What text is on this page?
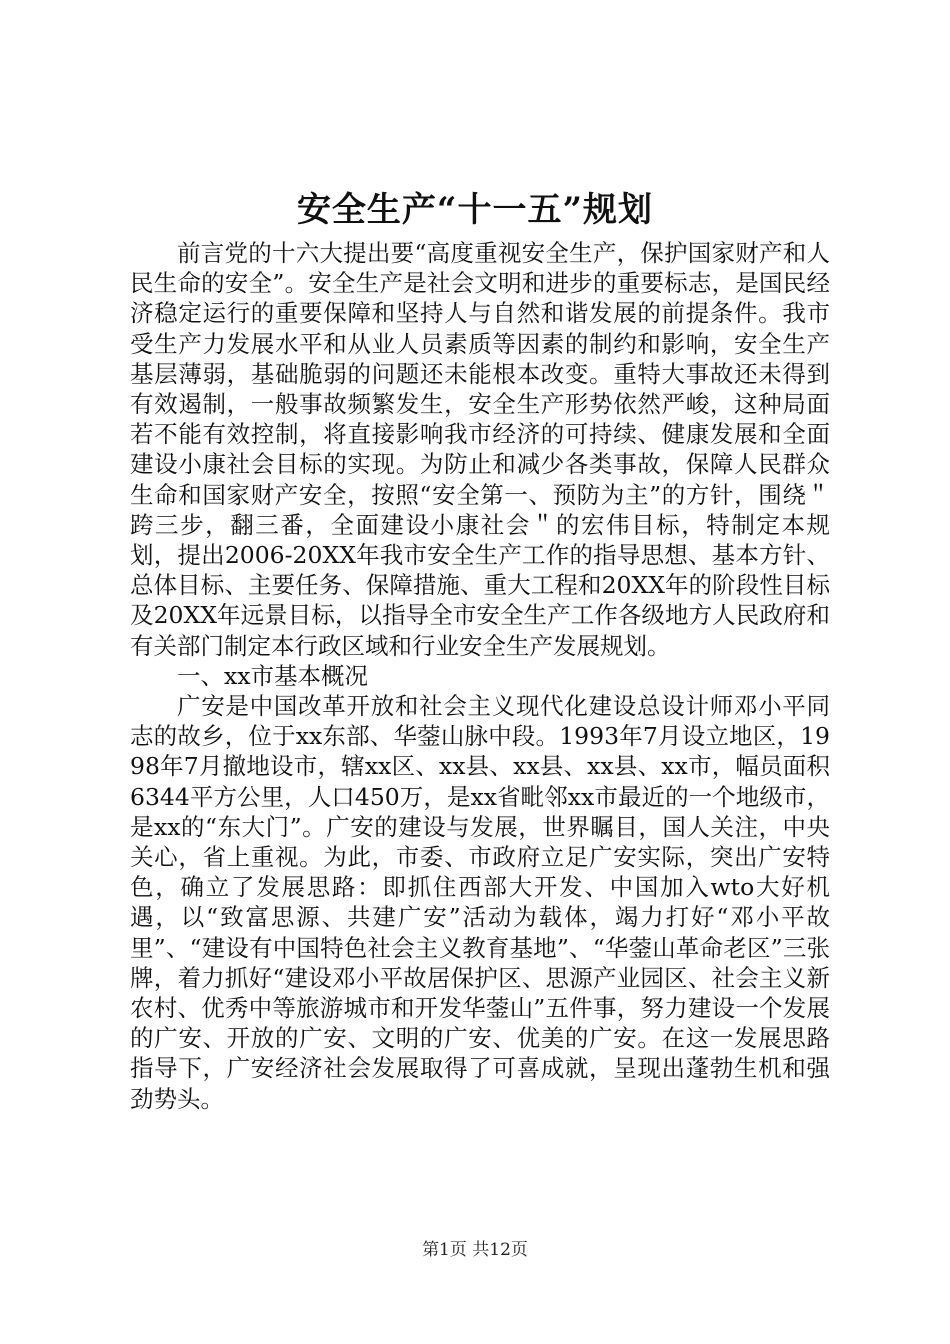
安全生产“十一五”规划

前言党的十六大提出要“高度重视安全生产，保护国家财产和人民生命的安全”。安全生产是社会文明和进步的重要标志，是国民经济稳定运行的重要保障和坚持人与自然和谐发展的前提条件。我市受生产力发展水平和从业人员素质等因素的制约和影响，安全生产基层薄弱，基础脆弱的问题还未能根本改变。重特大事故还未得到有效遏制，一般事故频繁发生，安全生产形势依然严峻，这种局面若不能有效控制，将直接影响我市经济的可持续、健康发展和全面建设小康社会目标的实现。为防止和减少各类事故，保障人民群众生命和国家财产安全，按照“安全第一、预防为主”的方针，围绕＂跨三步，翻三番，全面建设小康社会＂的宏伟目标，特制定本规划，提出2006-20XX年我市安全生产工作的指导思想、基本方针、总体目标、主要任务、保障措施、重大工程和20XX年的阶段性目标及20XX年远景目标，以指导全市安全生产工作各级地方人民政府和有关部门制定本行政区域和行业安全生产发展规划。

一、xx市基本概况

广安是中国改革开放和社会主义现代化建设总设计师邓小平同志的故乡，位于xx东部、华蓥山脉中段。1993年7月设立地区，1998年7月撤地设市，辖xx区、xx县、xx县、xx县、xx市，幅员面积6344平方公里，人口450万，是xx省毗邻xx市最近的一个地级市，是xx的“东大门”。广安的建设与发展，世界瞩目，国人关注，中央关心，省上重视。为此，市委、市政府立足广安实际，突出广安特色，确立了发展思路：即抓住西部大开发、中国加入wto大好机遇，以“致富思源、共建广安”活动为载体，竭力打好“邓小平故里”、“建设有中国特色社会主义教育基地”、“华蓥山革命老区”三张牌，着力抓好“建设邓小平故居保护区、思源产业园区、社会主义新农村、优秀中等旅游城市和开发华蓥山”五件事，努力建设一个发展的广安、开放的广安、文明的广安、优美的广安。在这一发展思路指导下，广安经济社会发展取得了可喜成就，呈现出蓬勃生机和强劲势头。

第1页 共12页
